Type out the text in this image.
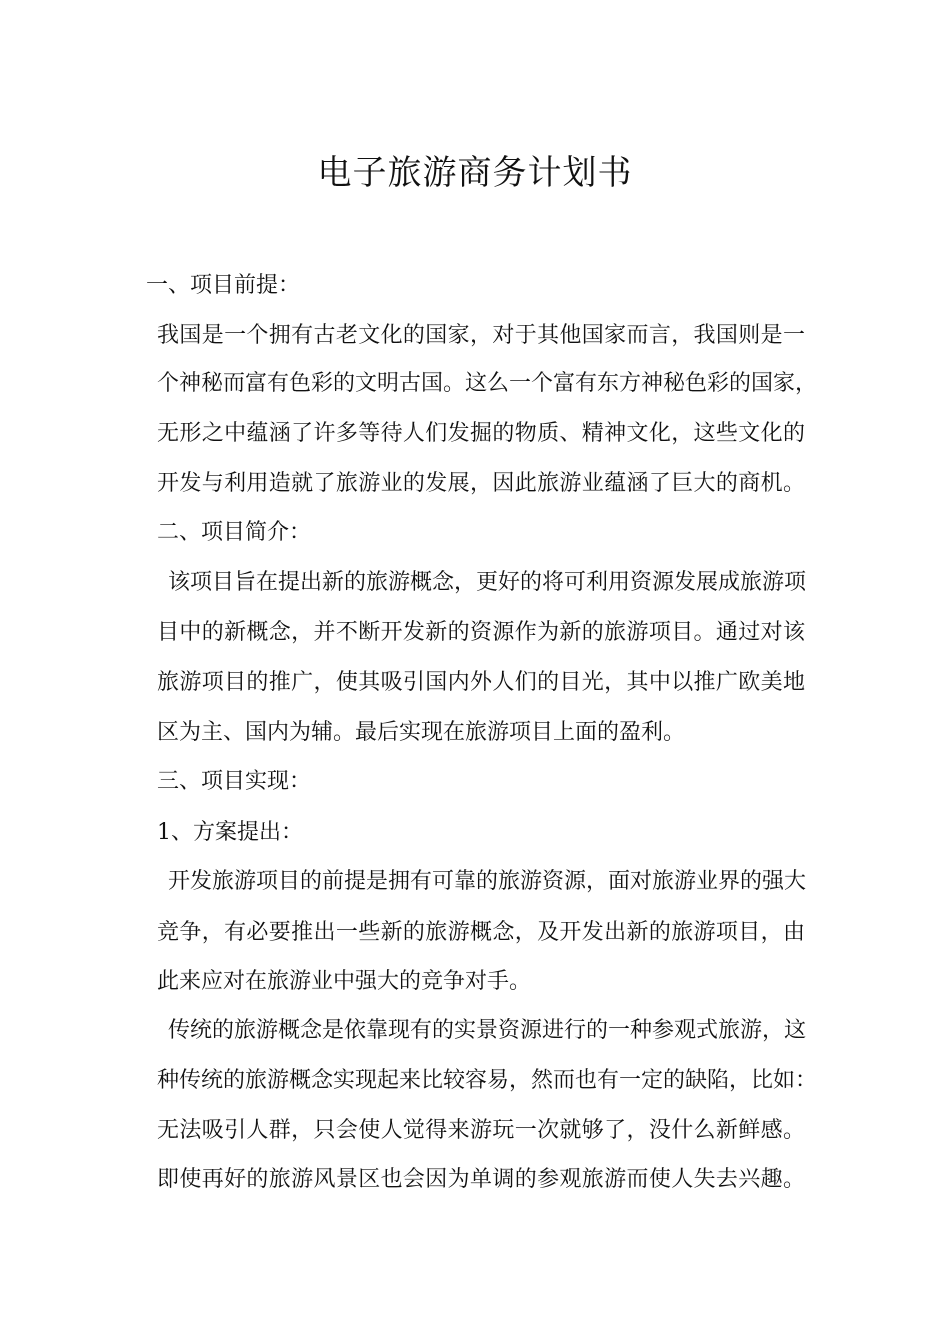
电子旅游商务计划书

一、项目前提：

我国是一个拥有古老文化的国家，对于其他国家而言，我国则是一

个神秘而富有色彩的文明古国。这么一个富有东方神秘色彩的国家，

无形之中蕴涵了许多等待人们发掘的物质、精神文化，这些文化的

开发与利用造就了旅游业的发展，因此旅游业蕴涵了巨大的商机。

二、项目简介：

该项目旨在提出新的旅游概念，更好的将可利用资源发展成旅游项

目中的新概念，并不断开发新的资源作为新的旅游项目。通过对该

旅游项目的推广，使其吸引国内外人们的目光，其中以推广欧美地

区为主、国内为辅。最后实现在旅游项目上面的盈利。

三、项目实现：

1、方案提出：

开发旅游项目的前提是拥有可靠的旅游资源，面对旅游业界的强大

竞争，有必要推出一些新的旅游概念，及开发出新的旅游项目，由

此来应对在旅游业中强大的竞争对手。

传统的旅游概念是依靠现有的实景资源进行的一种参观式旅游，这

种传统的旅游概念实现起来比较容易，然而也有一定的缺陷，比如：

无法吸引人群，只会使人觉得来游玩一次就够了，没什么新鲜感。

即使再好的旅游风景区也会因为单调的参观旅游而使人失去兴趣。
